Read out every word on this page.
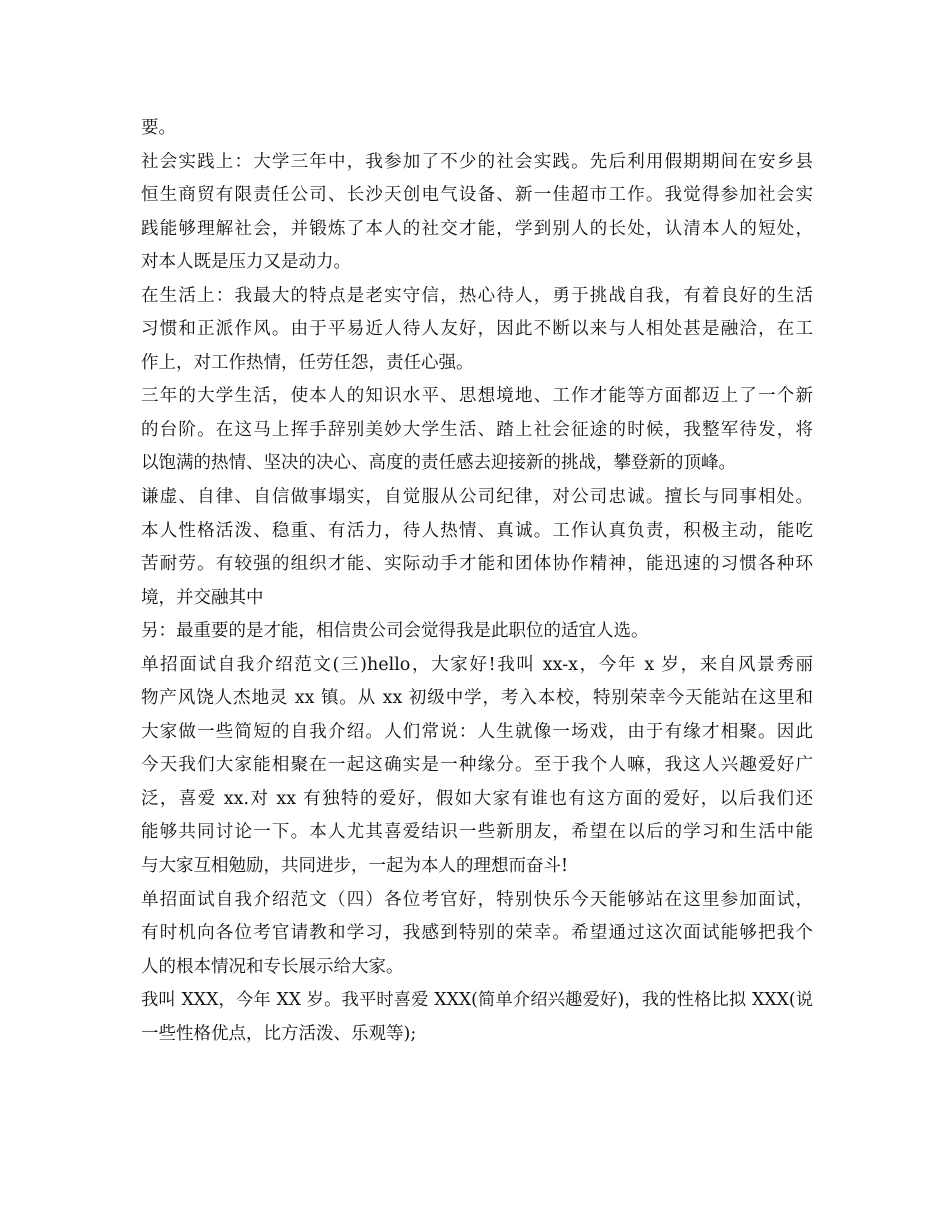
要。
社会实践上：大学三年中，我参加了不少的社会实践。先后利用假期期间在安乡县
恒生商贸有限责任公司、长沙天创电气设备、新一佳超市工作。我觉得参加社会实
践能够理解社会，并锻炼了本人的社交才能，学到别人的长处，认清本人的短处，
对本人既是压力又是动力。
在生活上：我最大的特点是老实守信，热心待人，勇于挑战自我，有着良好的生活
习惯和正派作风。由于平易近人待人友好，因此不断以来与人相处甚是融洽，在工
作上，对工作热情，任劳任怨，责任心强。
三年的大学生活，使本人的知识水平、思想境地、工作才能等方面都迈上了一个新
的台阶。在这马上挥手辞别美妙大学生活、踏上社会征途的时候，我整军待发，将
以饱满的热情、坚决的决心、高度的责任感去迎接新的挑战，攀登新的顶峰。
谦虚、自律、自信做事塌实，自觉服从公司纪律，对公司忠诚。擅长与同事相处。
本人性格活泼、稳重、有活力，待人热情、真诚。工作认真负责，积极主动，能吃
苦耐劳。有较强的组织才能、实际动手才能和团体协作精神，能迅速的习惯各种环
境，并交融其中
另：最重要的是才能，相信贵公司会觉得我是此职位的适宜人选。
单招面试自我介绍范文(三)hello，大家好!我叫 xx-x，今年 x 岁，来自风景秀丽
物产风饶人杰地灵 xx 镇。从 xx 初级中学，考入本校，特别荣幸今天能站在这里和
大家做一些简短的自我介绍。人们常说：人生就像一场戏，由于有缘才相聚。因此
今天我们大家能相聚在一起这确实是一种缘分。至于我个人嘛，我这人兴趣爱好广
泛，喜爱 xx.对 xx 有独特的爱好，假如大家有谁也有这方面的爱好，以后我们还
能够共同讨论一下。本人尤其喜爱结识一些新朋友，希望在以后的学习和生活中能
与大家互相勉励，共同进步，一起为本人的理想而奋斗!
单招面试自我介绍范文（四）各位考官好，特别快乐今天能够站在这里参加面试，
有时机向各位考官请教和学习，我感到特别的荣幸。希望通过这次面试能够把我个
人的根本情况和专长展示给大家。
我叫 XXX，今年 XX 岁。我平时喜爱 XXX(简单介绍兴趣爱好)，我的性格比拟 XXX(说
一些性格优点，比方活泼、乐观等);
